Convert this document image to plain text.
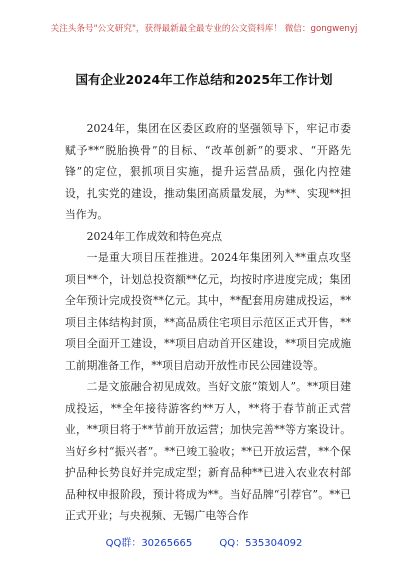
关注头条号"公文研究"，获得最新最全最专业的公文资料库！ 微信：gongwenyj
国有企业2024年工作总结和2025年工作计划

2024年，集团在区委区政府的坚强领导下，牢记市委赋予**“脱胎换骨”的目标、“改革创新”的要求、“开路先锋”的定位，狠抓项目实施，提升运营品质，强化内控建设，扎实党的建设，推动集团高质量发展，为**、实现**担当作为。

2024年工作成效和特色亮点

一是重大项目压茬推进。2024年集团列入**重点攻坚项目**个，计划总投资额**亿元，均按时序进度完成；集团全年预计完成投资**亿元。其中，**配套用房建成投运，**项目主体结构封顶，**高品质住宅项目示范区正式开售，**项目全面开工建设，**项目启动首开区建设，**项目完成施工前期准备工作，**项目启动开放性市民公园建设等。

二是文旅融合初见成效。当好文旅“策划人”。**项目建成投运，**全年接待游客约**万人，**将于春节前正式营业，**项目将于**节前开放运营；加快完善**等方案设计。当好乡村“振兴者”。**已竣工验收；**已开放运营，**个保护品种长势良好并完成定型；新育品种**已进入农业农村部品种权申报阶段，预计将成为**。当好品牌“引荐官”。**已正式开业；与央视频、无锡广电等合作

QQ群：30265665	QQ：535304092
